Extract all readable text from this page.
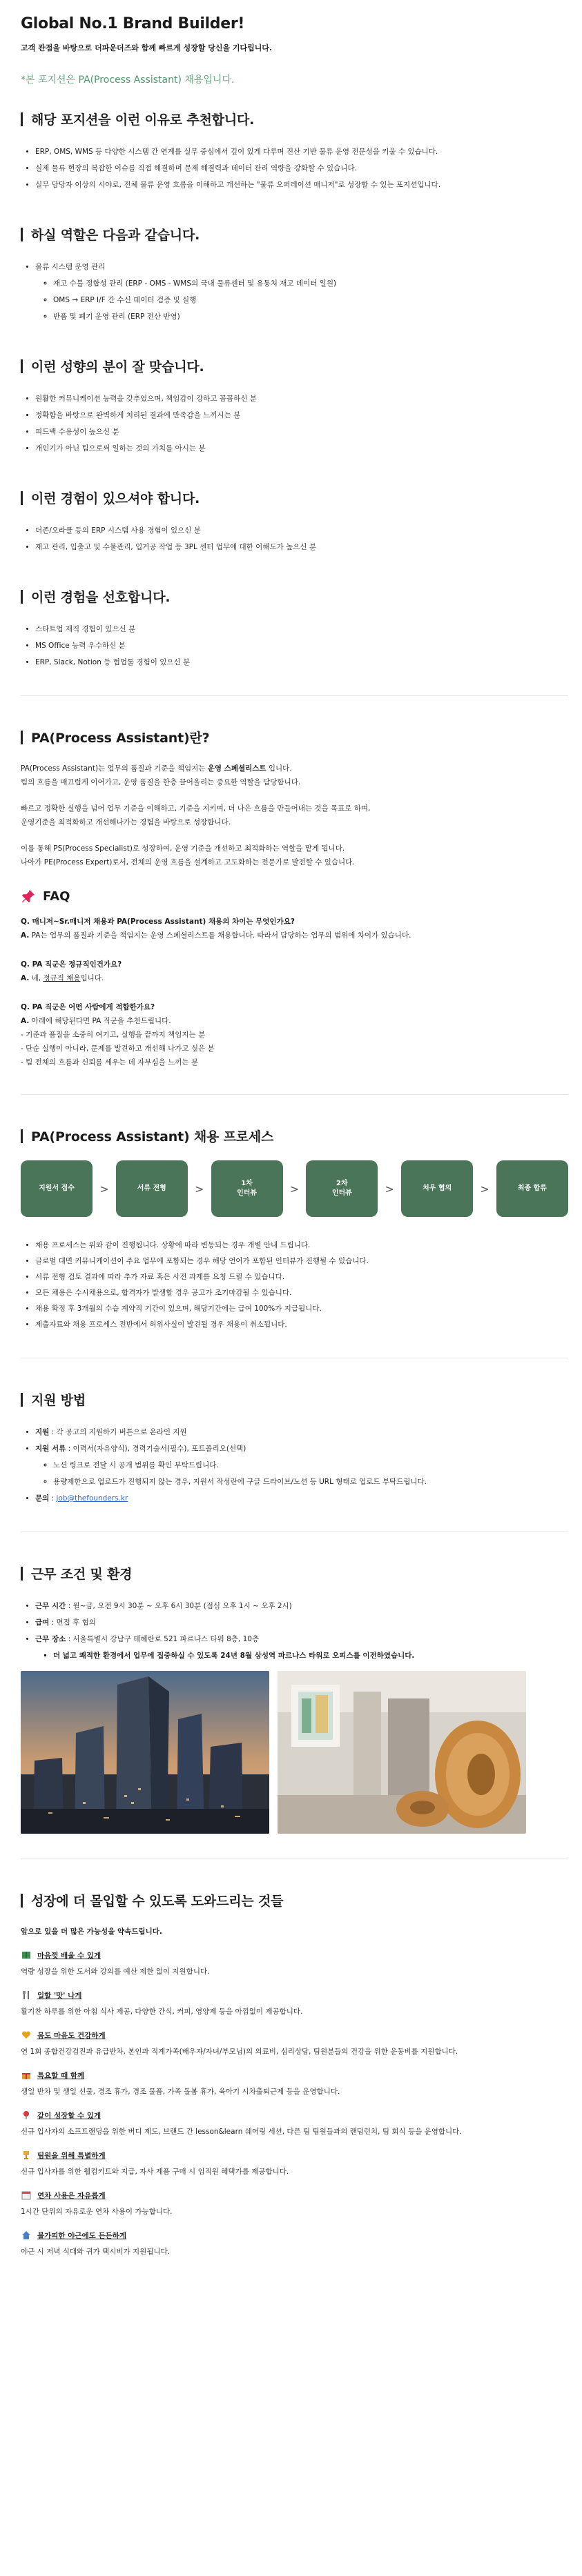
Global No.1 Brand Builder!

고객 관점을 바탕으로 더파운더즈와 함께 빠르게 성장할 당신을 기다립니다.

*본 포지션은 PA(Process Assistant) 채용입니다.

해당 포지션을 이런 이유로 추천합니다.
• ERP, OMS, WMS 등 다양한 시스템 간 연계를 실무 중심에서 깊이 있게 다루며 전산 기반 물류 운영 전문성을 키울 수 있습니다.
• 실제 물류 현장의 복잡한 이슈를 직접 해결하며 문제 해결력과 데이터 관리 역량을 강화할 수 있습니다.
• 실무 담당자 이상의 시야로, 전체 물류 운영 흐름을 이해하고 개선하는 "물류 오퍼레이션 매니저"로 성장할 수 있는 포지션입니다.
하실 역할은 다음과 같습니다.
• 물류 시스템 운영 관리
◦ 재고 수불 정합성 관리 (ERP - OMS - WMS의 국내 물류센터 및 유통처 재고 데이터 일원)
◦ OMS → ERP I/F 간 수신 데이터 검증 및 실행
◦ 반품 및 폐기 운영 관리 (ERP 전산 반영)
이런 성향의 분이 잘 맞습니다.
• 원활한 커뮤니케이션 능력을 갖추었으며, 책임감이 강하고 꼼꼼하신 분
• 정확함을 바탕으로 완벽하게 처리된 결과에 만족감을 느끼시는 분
• 피드백 수용성이 높으신 분
• 개인기가 아닌 팀으로써 일하는 것의 가치를 아시는 분
이런 경험이 있으셔야 합니다.
• 더존/오라클 등의 ERP 시스템 사용 경험이 있으신 분
• 재고 관리, 입출고 및 수불관리, 입거공 작업 등 3PL 센터 업무에 대한 이해도가 높으신 분
이런 경험을 선호합니다.
• 스타트업 재직 경험이 있으신 분
• MS Office 능력 우수하신 분
• ERP, Slack, Notion 등 협업툴 경험이 있으신 분
PA(Process Assistant)란?

PA(Process Assistant)는 업무의 품질과 기준을 책임지는 운영 스페셜리스트 입니다.
팀의 흐름을 매끄럽게 이어가고, 운영 품질을 한층 끌어올리는 중요한 역할을 담당합니다.

빠르고 정확한 실행을 넘어 업무 기준을 이해하고, 기준을 지키며, 더 나은 흐름을 만들어내는 것을 목표로 하며,
운영기준을 최적화하고 개선해나가는 경험을 바탕으로 성장합니다.

이를 통해 PS(Process Specialist)로 성장하여, 운영 기준을 개선하고 최적화하는 역할을 맡게 됩니다.
나아가 PE(Process Expert)로서, 전체의 운영 흐름을 설계하고 고도화하는 전문가로 발전할 수 있습니다.

FAQ
Q. 매니저~Sr.매니저 채용과 PA(Process Assistant) 채용의 차이는 무엇인가요?
A. PA는 업무의 품질과 기준을 책임지는 운영 스페셜리스트를 채용합니다. 따라서 담당하는 업무의 범위에 차이가 있습니다.
Q. PA 직군은 정규직인건가요?
A. 네, 정규직 채용입니다.
Q. PA 직군은 어떤 사람에게 적합한가요?
A. 아래에 해당된다면 PA 직군을 추천드립니다.
- 기준과 품질을 소중히 여기고, 실행을 끝까지 책임지는 분
- 단순 실행이 아니라, 문제를 발견하고 개선해 나가고 싶은 분
- 팀 전체의 흐름과 신뢰를 세우는 데 자부심을 느끼는 분
PA(Process Assistant) 채용 프로세스
지원서 접수	>	서류 전형	>	1차
인터뷰	>	2차
인터뷰	>	처우 협의	>	최종 합류
• 채용 프로세스는 위와 같이 진행됩니다. 상황에 따라 변동되는 경우 개별 안내 드립니다.
• 글로벌 대면 커뮤니케이션이 주요 업무에 포함되는 경우 해당 언어가 포함된 인터뷰가 진행될 수 있습니다.
• 서류 전형 검토 결과에 따라 추가 자료 혹은 사전 과제를 요청 드릴 수 있습니다.
• 모든 채용은 수시채용으로, 합격자가 발생할 경우 공고가 조기마감될 수 있습니다.
• 채용 확정 후 3개월의 수습 계약직 기간이 있으며, 해당기간에는 급여 100%가 지급됩니다.
• 제출자료와 채용 프로세스 전반에서 허위사실이 발견될 경우 채용이 취소됩니다.
지원 방법
• 지원 : 각 공고의 지원하기 버튼으로 온라인 지원
• 지원 서류 : 이력서(자유양식), 경력기술서(필수), 포트폴리오(선택)
◦ 노션 링크로 전달 시 공개 범위를 확인 부탁드립니다.
◦ 용량제한으로 업로드가 진행되지 않는 경우, 지원서 작성란에 구글 드라이브/노션 등 URL 형태로 업로드 부탁드립니다.
• 문의 : job@thefounders.kr
근무 조건 및 환경
• 근무 시간 : 월~금, 오전 9시 30분 ~ 오후 6시 30분 (점심 오후 1시 ~ 오후 2시)
• 급여 : 면접 후 협의
• 근무 장소 : 서울특별시 강남구 테헤란로 521 파르나스 타워 8층, 10층
▪ 더 넓고 쾌적한 환경에서 업무에 집중하실 수 있도록 24년 8월 삼성역 파르나스 타워로 오피스를 이전하였습니다.
성장에 더 몰입할 수 있도록 도와드리는 것들

앞으로 있을 더 많은 가능성을 약속드립니다.

마음껏 배울 수 있게
역량 성장을 위한 도서와 강의를 예산 제한 없이 지원합니다.
일할 '맛' 나게
활기찬 하루를 위한 아침 식사 제공, 다양한 간식, 커피, 영양제 등을 아낌없이 제공합니다.
몸도 마음도 건강하게
연 1회 종합건강검진과 유급반차, 본인과 직계가족(배우자/자녀/부모님)의 의료비, 심리상담, 팀원분들의 건강을 위한 운동비를 지원합니다.
특요할 때 함께
생일 반차 및 생일 선물, 경조 휴가, 경조 물품, 가족 돌봄 휴가, 육아기 시차출퇴근제 등을 운영합니다.
같이 성장할 수 있게
신규 입사자의 소프트랜딩을 위한 버디 제도, 브랜드 간 lesson&learn 쉐어링 세션, 다른 팀 팀원들과의 랜덤런치, 팀 회식 등을 운영합니다.
팀원을 위해 특별하게
신규 입사자를 위한 웰컴키트와 지급, 자사 제품 구매 시 임직원 혜택가를 제공합니다.
연차 사용은 자유롭게
1시간 단위의 자유로운 연차 사용이 가능합니다.
불가피한 야근에도 든든하게
야근 시 저녁 식대와 귀가 택시비가 지원됩니다.
